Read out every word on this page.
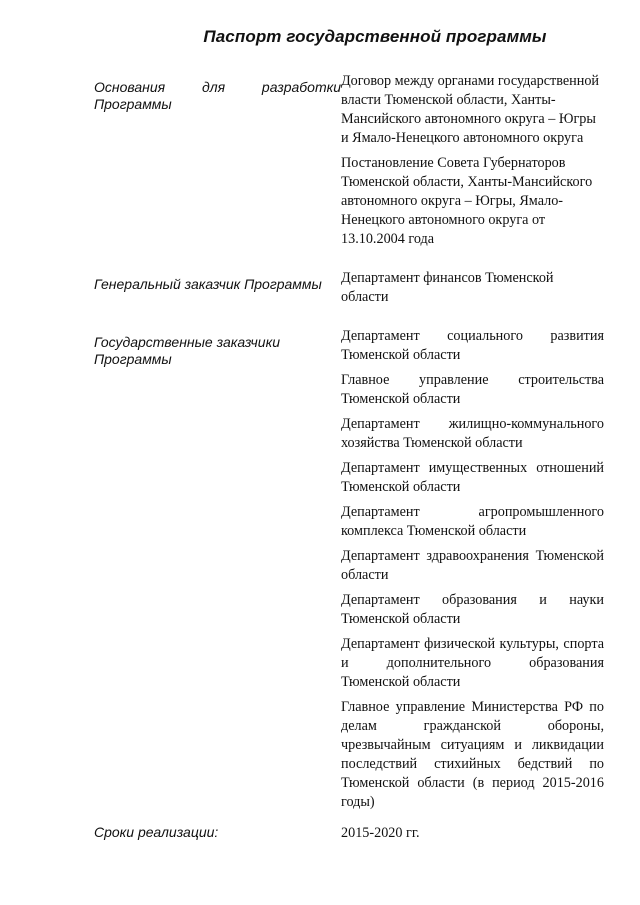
Паспорт государственной программы
Основания для разработки Программы
Договор между органами государственной власти Тюменской области, Ханты-Мансийского автономного округа – Югры и Ямало-Ненецкого автономного округа
Постановление Совета Губернаторов Тюменской области, Ханты-Мансийского автономного округа – Югры, Ямало-Ненецкого автономного округа от 13.10.2004 года
Генеральный заказчик Программы	Департамент финансов Тюменской области
Государственные заказчики Программы
Департамент социального развития Тюменской области
Главное управление строительства Тюменской области
Департамент жилищно-коммунального хозяйства Тюменской области
Департамент имущественных отношений Тюменской области
Департамент агропромышленного комплекса Тюменской области
Департамент здравоохранения Тюменской области
Департамент образования и науки Тюменской области
Департамент физической культуры, спорта и дополнительного образования Тюменской области
Главное управление Министерства РФ по делам гражданской обороны, чрезвычайным ситуациям и ликвидации последствий стихийных бедствий по Тюменской области (в период 2015-2016 годы)
Сроки реализации:	2015-2020 гг.
